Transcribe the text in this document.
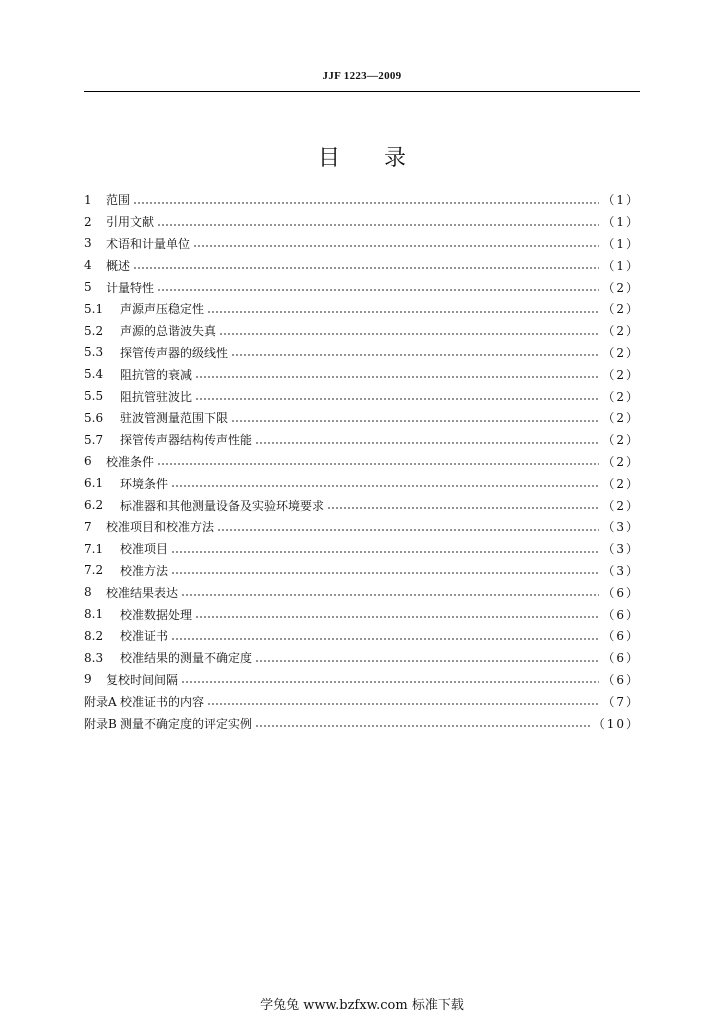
JJF 1223—2009
目录
1	范围	（1）
2	引用文献	（1）
3	术语和计量单位	（1）
4	概述	（1）
5	计量特性	（2）
5.1	声源声压稳定性	（2）
5.2	声源的总谐波失真	（2）
5.3	探管传声器的级线性	（2）
5.4	阻抗管的衰减	（2）
5.5	阻抗管驻波比	（2）
5.6	驻波管测量范围下限	（2）
5.7	探管传声器结构传声性能	（2）
6	校准条件	（2）
6.1	环境条件	（2）
6.2	标准器和其他测量设备及实验环境要求	（2）
7	校准项目和校准方法	（3）
7.1	校准项目	（3）
7.2	校准方法	（3）
8	校准结果表达	（6）
8.1	校准数据处理	（6）
8.2	校准证书	（6）
8.3	校准结果的测量不确定度	（6）
9	复校时间间隔	（6）
附录A 校准证书的内容	（7）
附录B 测量不确定度的评定实例	（10）
学兔兔 www.bzfxw.com 标准下载
